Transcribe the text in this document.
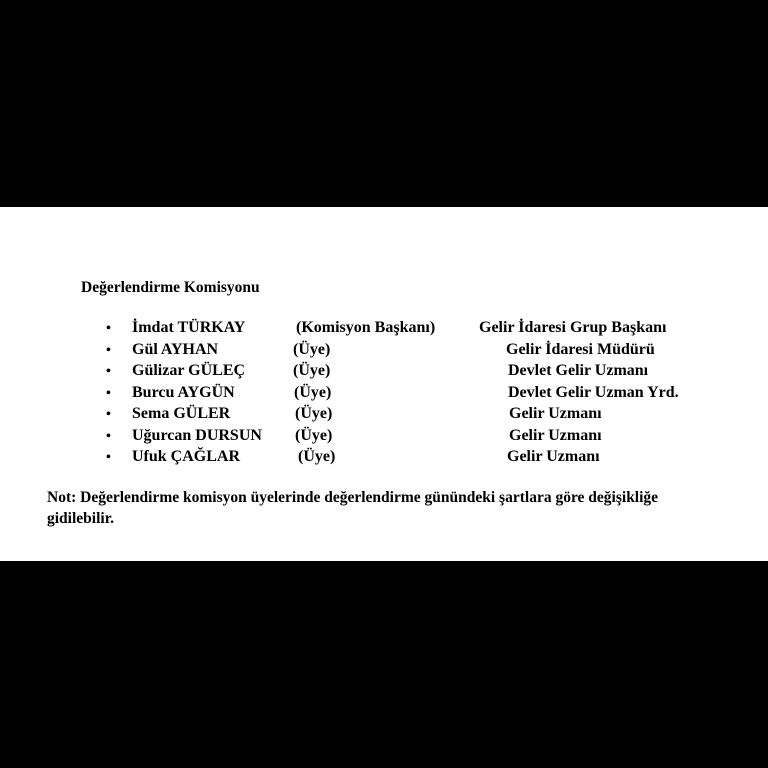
Değerlendirme Komisyonu
• İmdat TÜRKAY	(Komisyon Başkanı)	Gelir İdaresi Grup Başkanı
• Gül AYHAN	(Üye)	Gelir İdaresi Müdürü
• Gülizar GÜLEÇ	(Üye)	Devlet Gelir Uzmanı
• Burcu AYGÜN	(Üye)	Devlet Gelir Uzman Yrd.
• Sema GÜLER	(Üye)	Gelir Uzmanı
• Uğurcan DURSUN (Üye)	Gelir Uzmanı
• Ufuk ÇAĞLAR	(Üye)	Gelir Uzmanı
Not: Değerlendirme komisyon üyelerinde değerlendirme günündeki şartlara göre değişikliğe gidilebilir.
